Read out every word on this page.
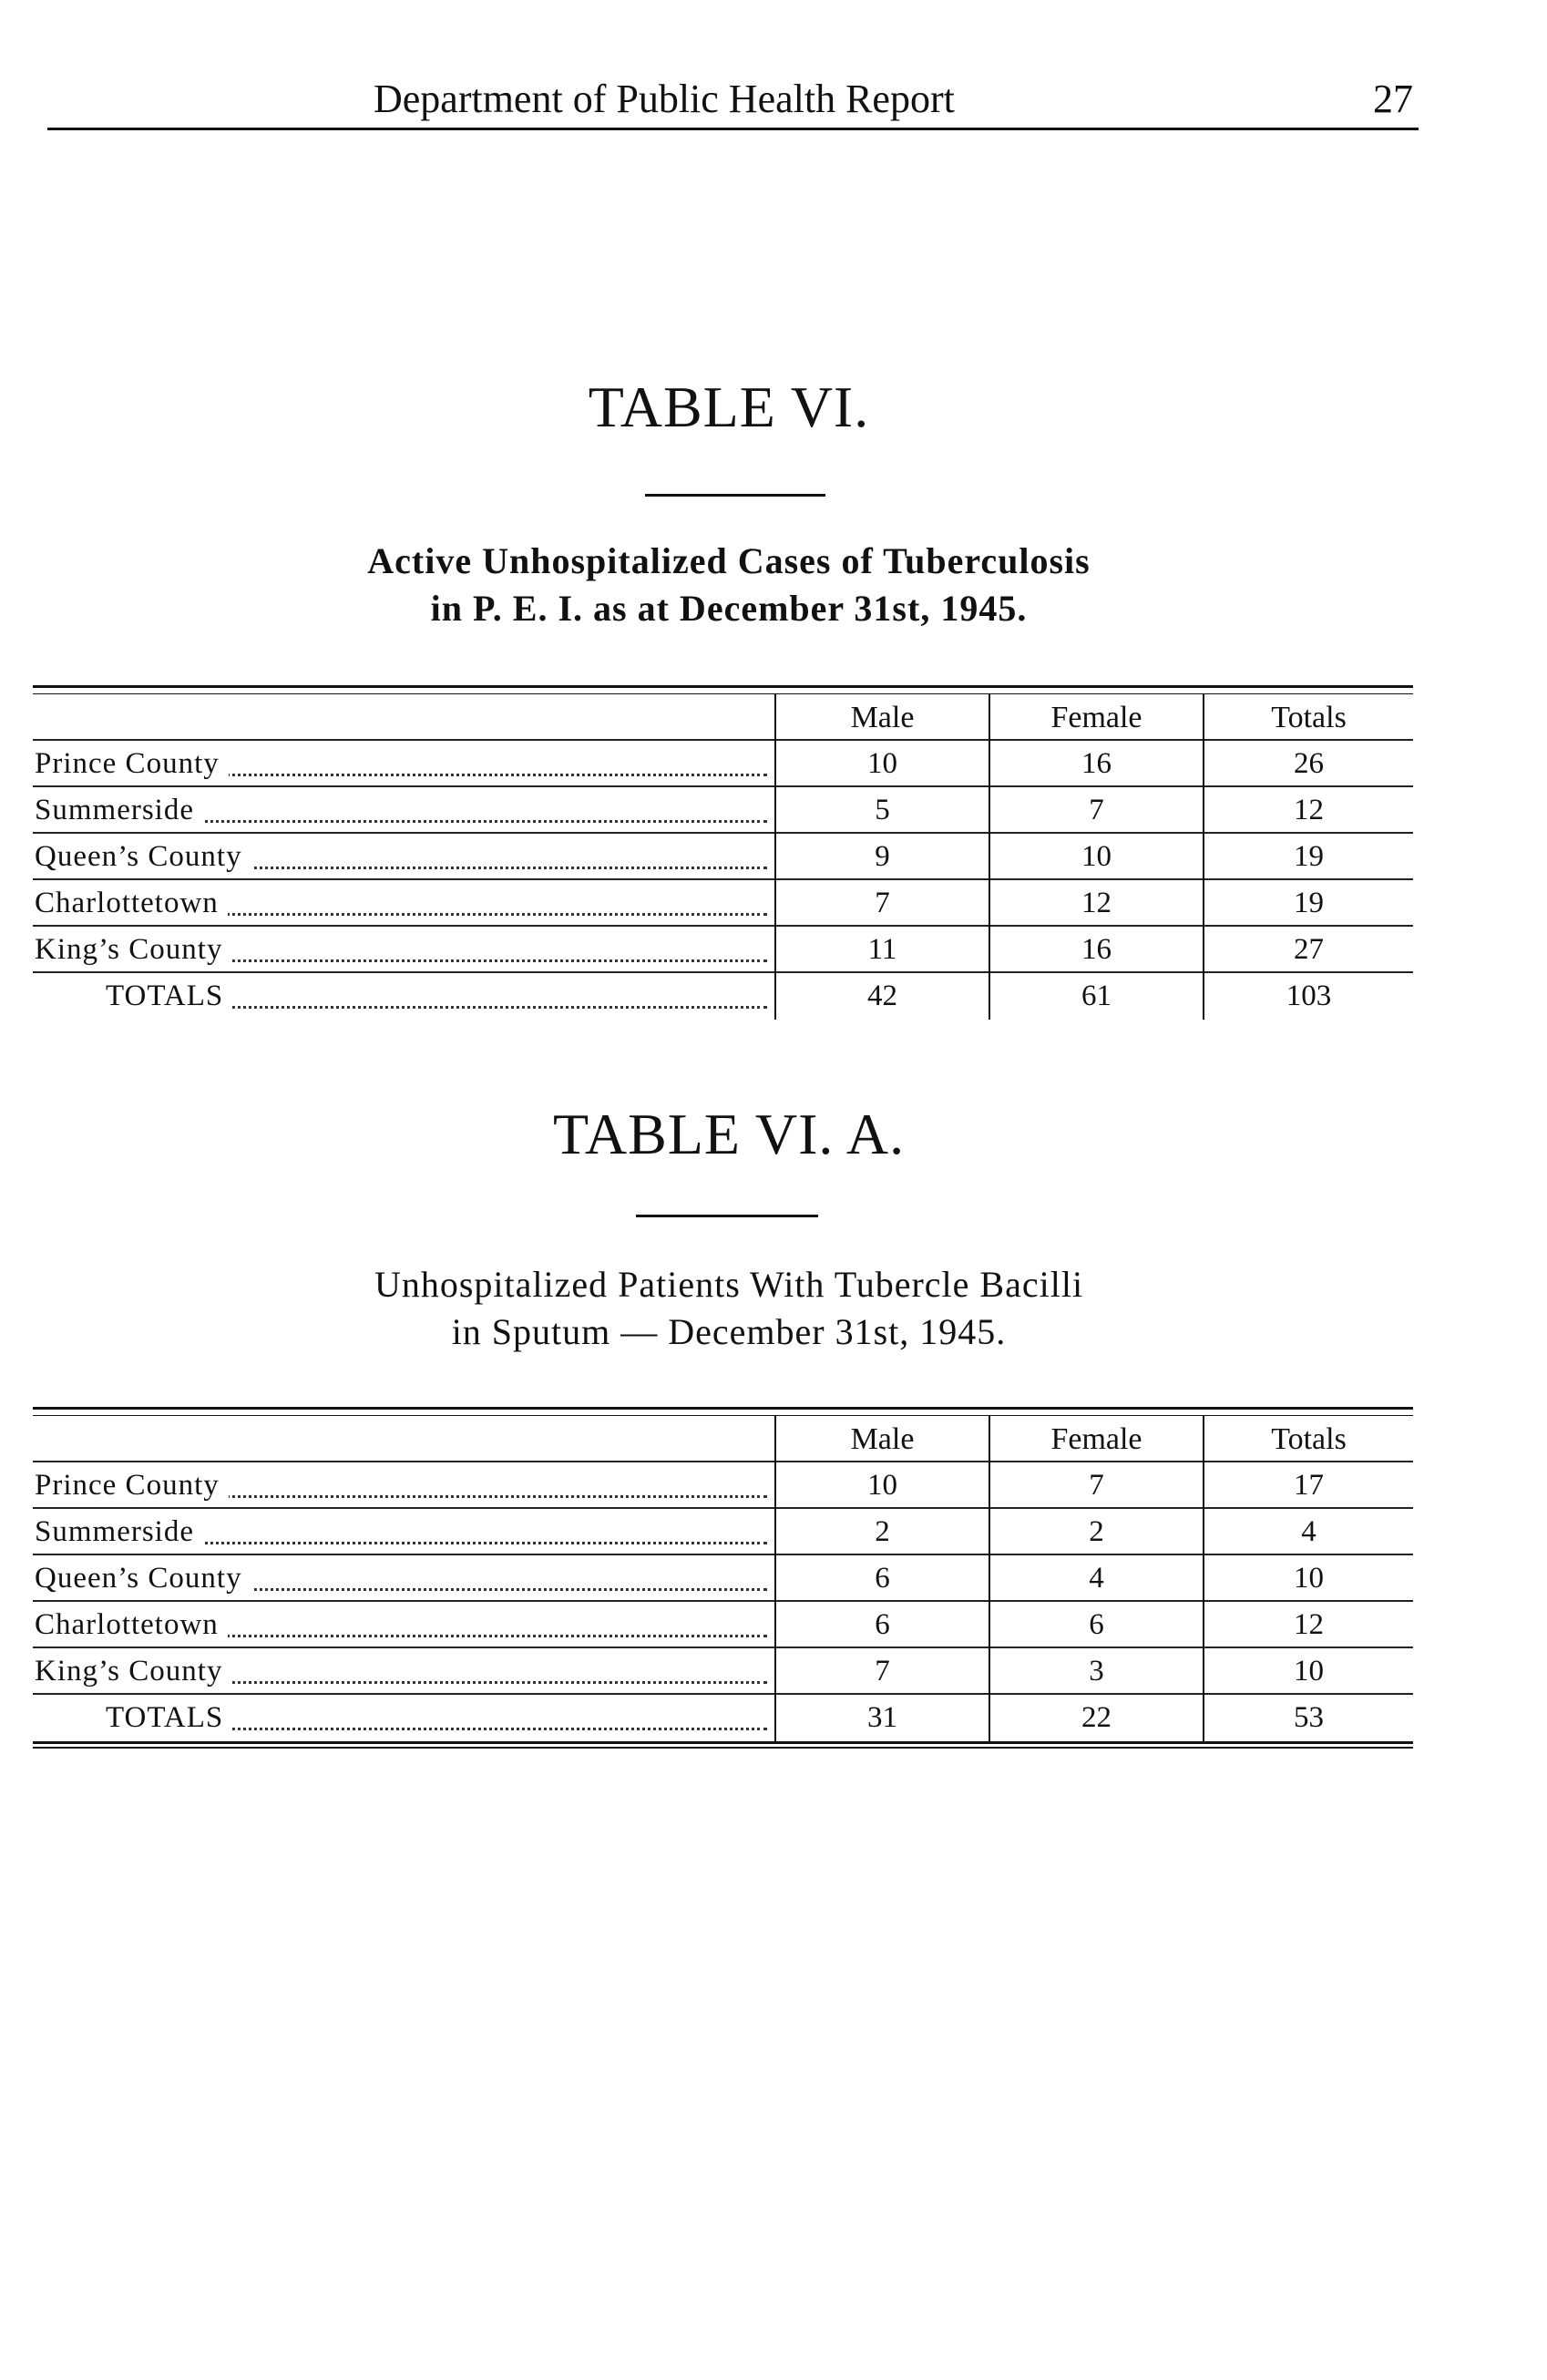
Department of Public Health Report	27
TABLE VI.
Active Unhospitalized Cases of Tuberculosis
in P. E. I. as at December 31st, 1945.
Male	Female	Totals
Prince County	10	16	26
Summerside	5	7	12
Queen’s County	9	10	19
Charlottetown	7	12	19
King’s County	11	16	27
TOTALS	42	61	103
TABLE VI. A.
Unhospitalized Patients With Tubercle Bacilli
in Sputum — December 31st, 1945.
Male	Female	Totals
Prince County	10	7	17
Summerside	2	2	4
Queen’s County	6	4	10
Charlottetown	6	6	12
King’s County	7	3	10
TOTALS	31	22	53
